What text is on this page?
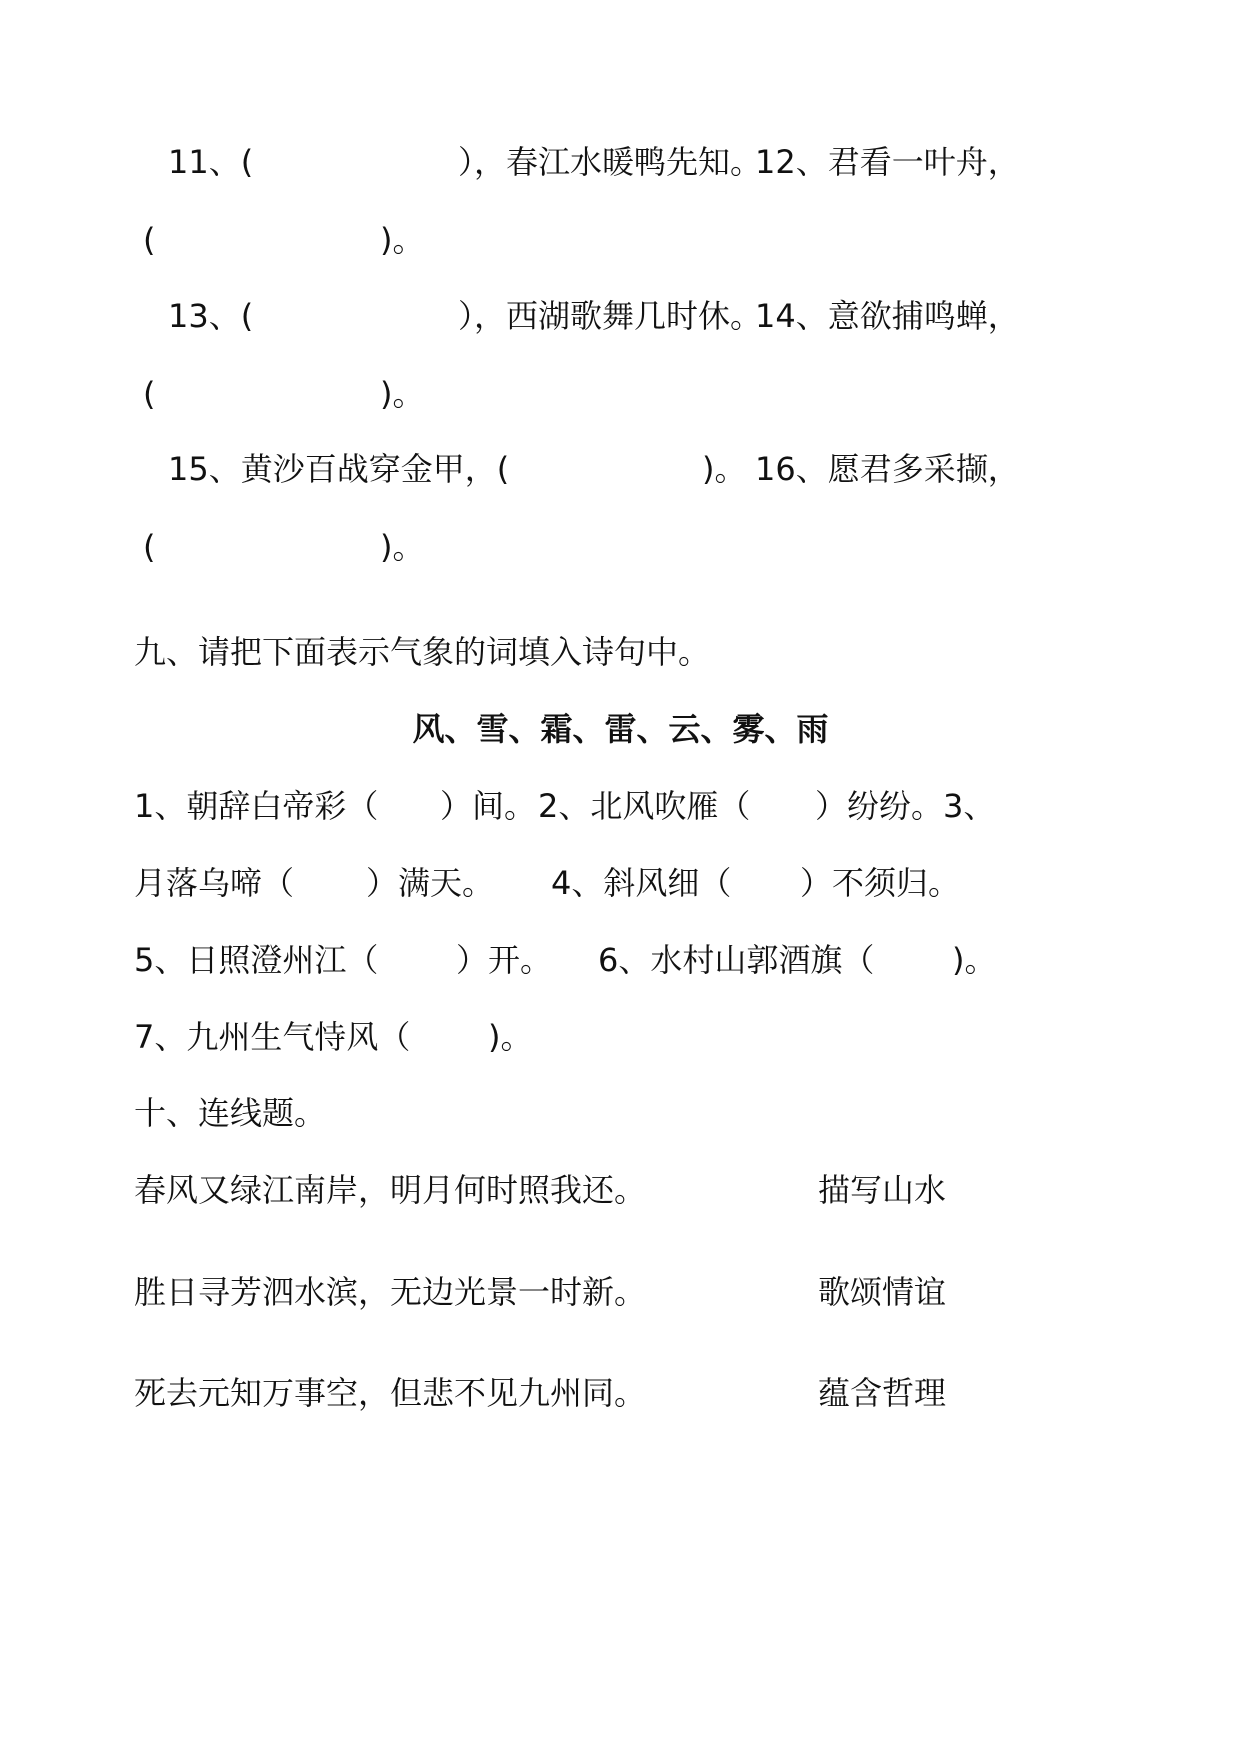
11、(	），春江水暖鸭先知。
12、君看一叶舟，
(	)。
13、(	），西湖歌舞几时休。
14、意欲捕鸣蝉，
(	)。
15、黄沙百战穿金甲，(	)。 16、愿君多采撷，
(	)。
九、请把下面表示气象的词填入诗句中。
风、雪、霜、雷、云、雾、雨
1、朝辞白帝彩（ ）间。 2、北风吹雁（ ）纷纷。3、
月落乌啼（ ）满天。 4、斜风细（ ）不须归。
5、日照澄州江（ ）开。 6、水村山郭酒旗（ )。
7、九州生气恃风（ )。
十、连线题。
春风又绿江南岸，明月何时照我还。	描写山水
胜日寻芳泗水滨，无边光景一时新。	歌颂情谊
死去元知万事空，但悲不见九州同。	蕴含哲理
